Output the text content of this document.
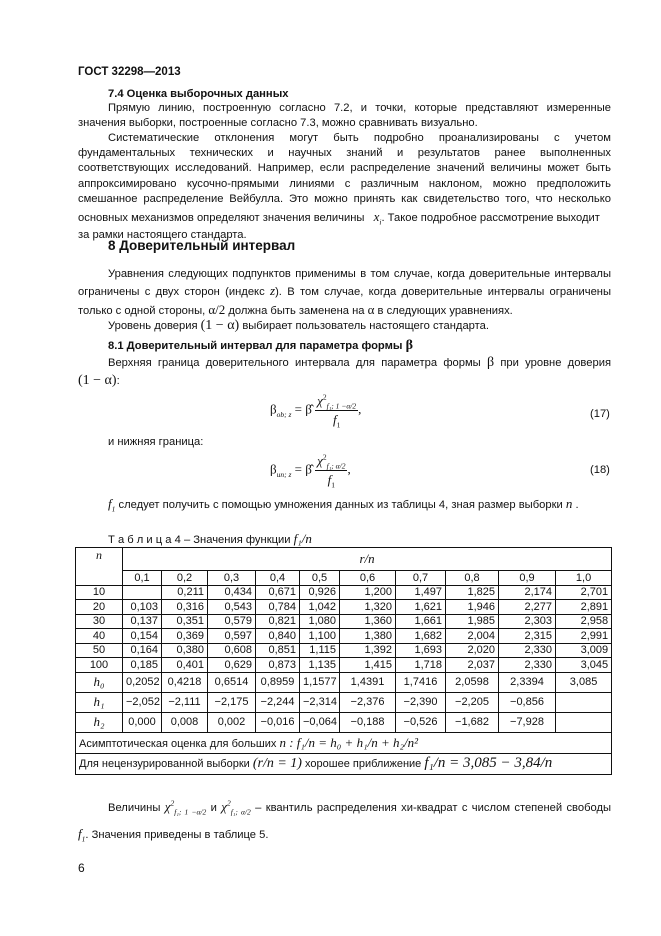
ГОСТ 32298—2013
7.4 Оценка выборочных данных

Прямую линию, построенную согласно 7.2, и точки, которые представляют измеренные значения выборки, построенные согласно 7.3, можно сравнивать визуально.

Систематические отклонения могут быть подробно проанализированы с учетом

фундаментальных технических и научных знаний и результатов ранее выполненных

соответствующих исследований. Например, если распределение значений величины может быть

аппроксимировано кусочно-прямыми линиями с различным наклоном, можно предположить

смешанное распределение Вейбулла. Это можно принять как свидетельство того, что несколько

основных механизмов определяют значения величины $x_i$. Такое подробное рассмотрение выходит

за рамки настоящего стандарта.

8 Доверительный интервал

Уравнения следующих подпунктов применимы в том случае, когда доверительные интервалы

ограничены с двух сторон (индекс z). В том случае, когда доверительные интервалы ограничены

только с одной стороны, α/2 должна быть заменена на α в следующих уравнениях.

Уровень доверия (1 − α) выбирает пользователь настоящего стандарта.
8.1 Доверительный интервал для параметра формы β

Верхняя граница доверительного интервала для параметра формы β при уровне доверия

(1 − α):

$\beta_{ob; z}$ = β̂ $\frac{\chi^2_{f_1; 1 -\alpha/2}}{f_1}$ ,	(17)
и нижняя граница:
$\beta_{un; z}$ = β̂ $\frac{\chi^2_{f_1; \alpha/2}}{f_1}$ ,	(18)
$f_1$ следует получить с помощью умножения данных из таблицы 4, зная размер выборки n .
Т а б л и ц а 4 – Значения функции f₁/n
n	r/n									
	0,1	0,2	0,3	0,4	0,5	0,6	0,7	0,8	0,9	1,0
10		0,211	0,434	0,671	0,926	1,200	1,497	1,825	2,174	2,701
20	0,103	0,316	0,543	0,784	1,042	1,320	1,621	1,946	2,277	2,891
30	0,137	0,351	0,579	0,821	1,080	1,360	1,661	1,985	2,303	2,958
40	0,154	0,369	0,597	0,840	1,100	1,380	1,682	2,004	2,315	2,991
50	0,164	0,380	0,608	0,851	1,115	1,392	1,693	2,020	2,330	3,009
100	0,185	0,401	0,629	0,873	1,135	1,415	1,718	2,037	2,330	3,045
h₀	0,2052	0,4218	0,6514	0,8959	1,1577	1,4391	1,7416	2,0598	2,3394	3,085
h₁	−2,052	−2,111	−2,175	−2,244	−2,314	−2,376	−2,390	−2,205	−0,856	
h₂	0,000	0,008	0,002	−0,016	−0,064	−0,188	−0,526	−1,682	−7,928	
Асимптотическая оценка для больших n : f₁/n = h₀ + h₁/n + h₂/n²										
Для нецензурированной выборки (r/n = 1) хорошее приближение f₁/n = 3,085 − 3,84/n										

Величины $\chi^2_{f_1; 1 -\alpha/2}$ и $\chi^2_{f_1; \alpha/2}$ – квантиль распределения хи-квадрат с числом степеней свободы

$f_1$. Значения приведены в таблице 5.

6
